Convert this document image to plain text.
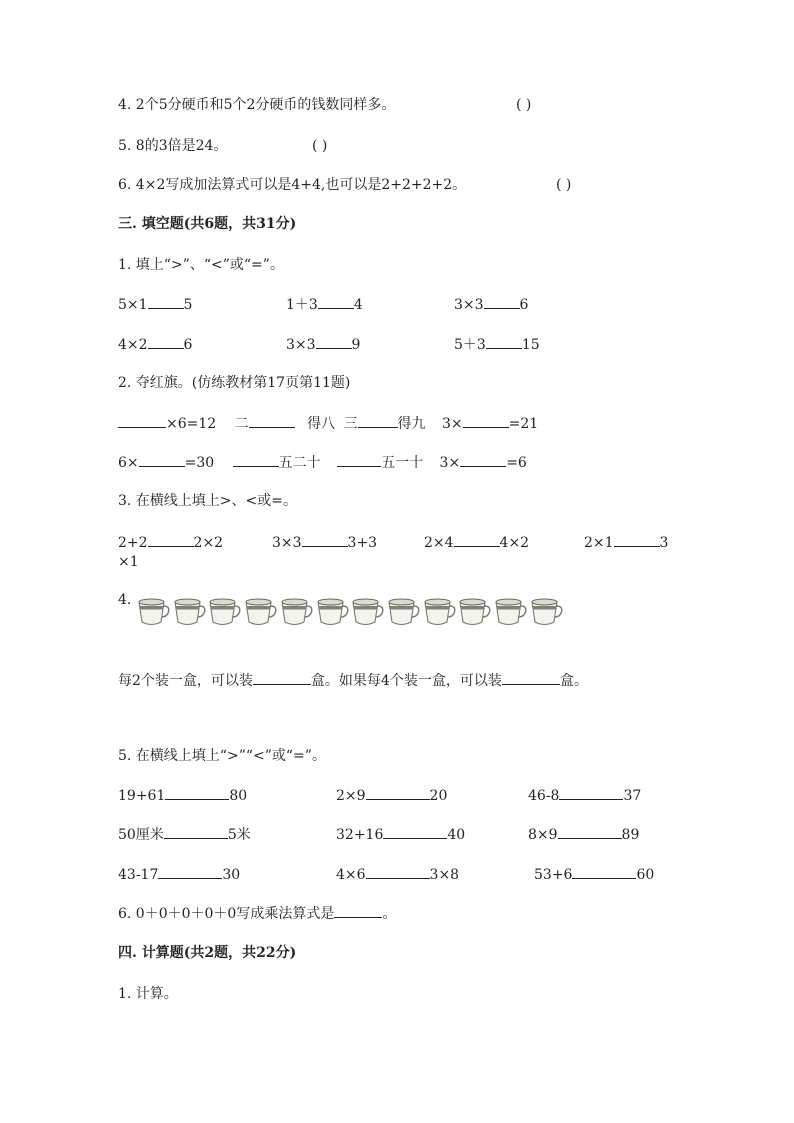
4. 2个5分硬币和5个2分硬币的钱数同样多。	( )
5. 8的3倍是24。	( )
6. 4×2写成加法算式可以是4+4,也可以是2+2+2+2。	( )
三. 填空题(共6题，共31分)
1. 填上“>”、“<”或“=”。
5×1	5	1＋3	4	3×3	6
4×2	6	3×3	9	5＋3	15
2. 夺红旗。(仿练教材第17页第11题)
×6=12 二	得八 三	得九 3×	=21
6×	=30	五二十	五一十 3×	=6
3. 在横线上填上>、<或=。
2+2	2×2	3×3	3+3	2×4	4×2	2×1	3
×1
4.
每2个装一盒，可以装	盒。如果每4个装一盒，可以装	盒。
5. 在横线上填上“>”“<”或“=”。
19+61	80	2×9	20	46-8	37
50厘米	5米	32+16	40	8×9	89
43-17	30	4×6	3×8	53+6	60
6. 0＋0＋0＋0＋0写成乘法算式是	。
四. 计算题(共2题，共22分)
1. 计算。
